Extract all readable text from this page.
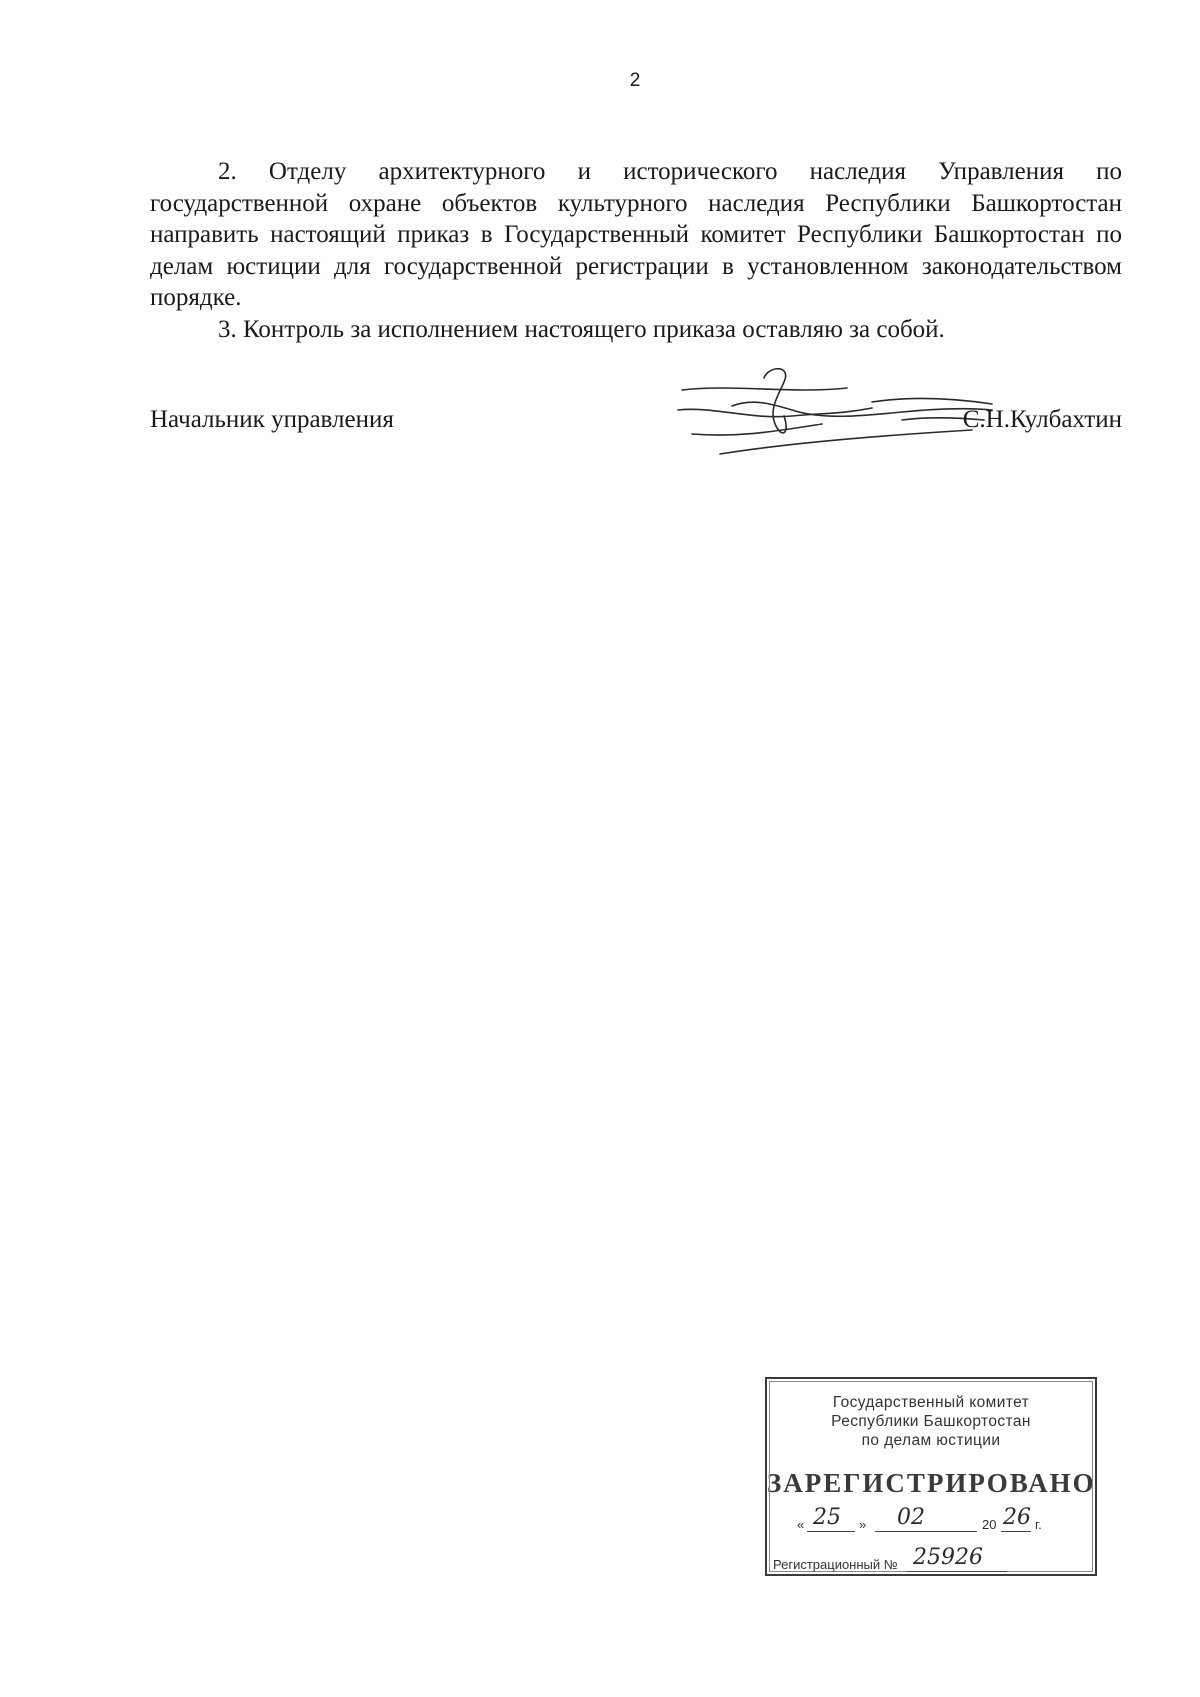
2

2. Отделу архитектурного и исторического наследия Управления по государственной охране объектов культурного наследия Республики Башкортостан направить настоящий приказ в Государственный комитет Республики Башкортостан по делам юстиции для государственной регистрации в установленном законодательством порядке.

3. Контроль за исполнением настоящего приказа оставляю за собой.

Начальник управления	С.Н.Кулбахтин
Государственный комитет
Республики Башкортостан
по делам юстиции
ЗАРЕГИСТРИРОВАНО
« 25 » 02	20 26 г.
Регистрационный № 25926
